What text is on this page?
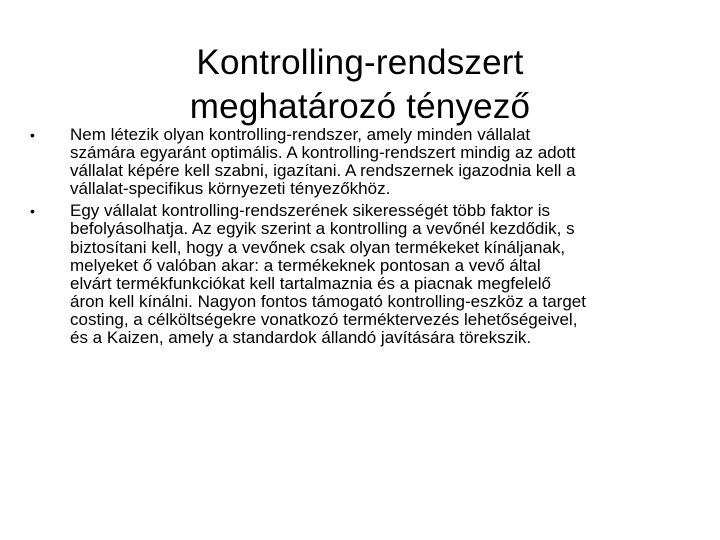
Kontrolling-rendszert
meghatározó tényező
• Nem létezik olyan kontrolling-rendszer, amely minden vállalat
számára egyaránt optimális. A kontrolling-rendszert mindig az adott
vállalat képére kell szabni, igazítani. A rendszernek igazodnia kell a
vállalat-specifikus környezeti tényezőkhöz.
• Egy vállalat kontrolling-rendszerének sikerességét több faktor is
befolyásolhatja. Az egyik szerint a kontrolling a vevőnél kezdődik, s
biztosítani kell, hogy a vevőnek csak olyan termékeket kínáljanak,
melyeket ő valóban akar: a termékeknek pontosan a vevő által
elvárt termékfunkciókat kell tartalmaznia és a piacnak megfelelő
áron kell kínálni. Nagyon fontos támogató kontrolling-eszköz a target
costing, a célköltségekre vonatkozó terméktervezés lehetőségeivel,
és a Kaizen, amely a standardok állandó javítására törekszik.
